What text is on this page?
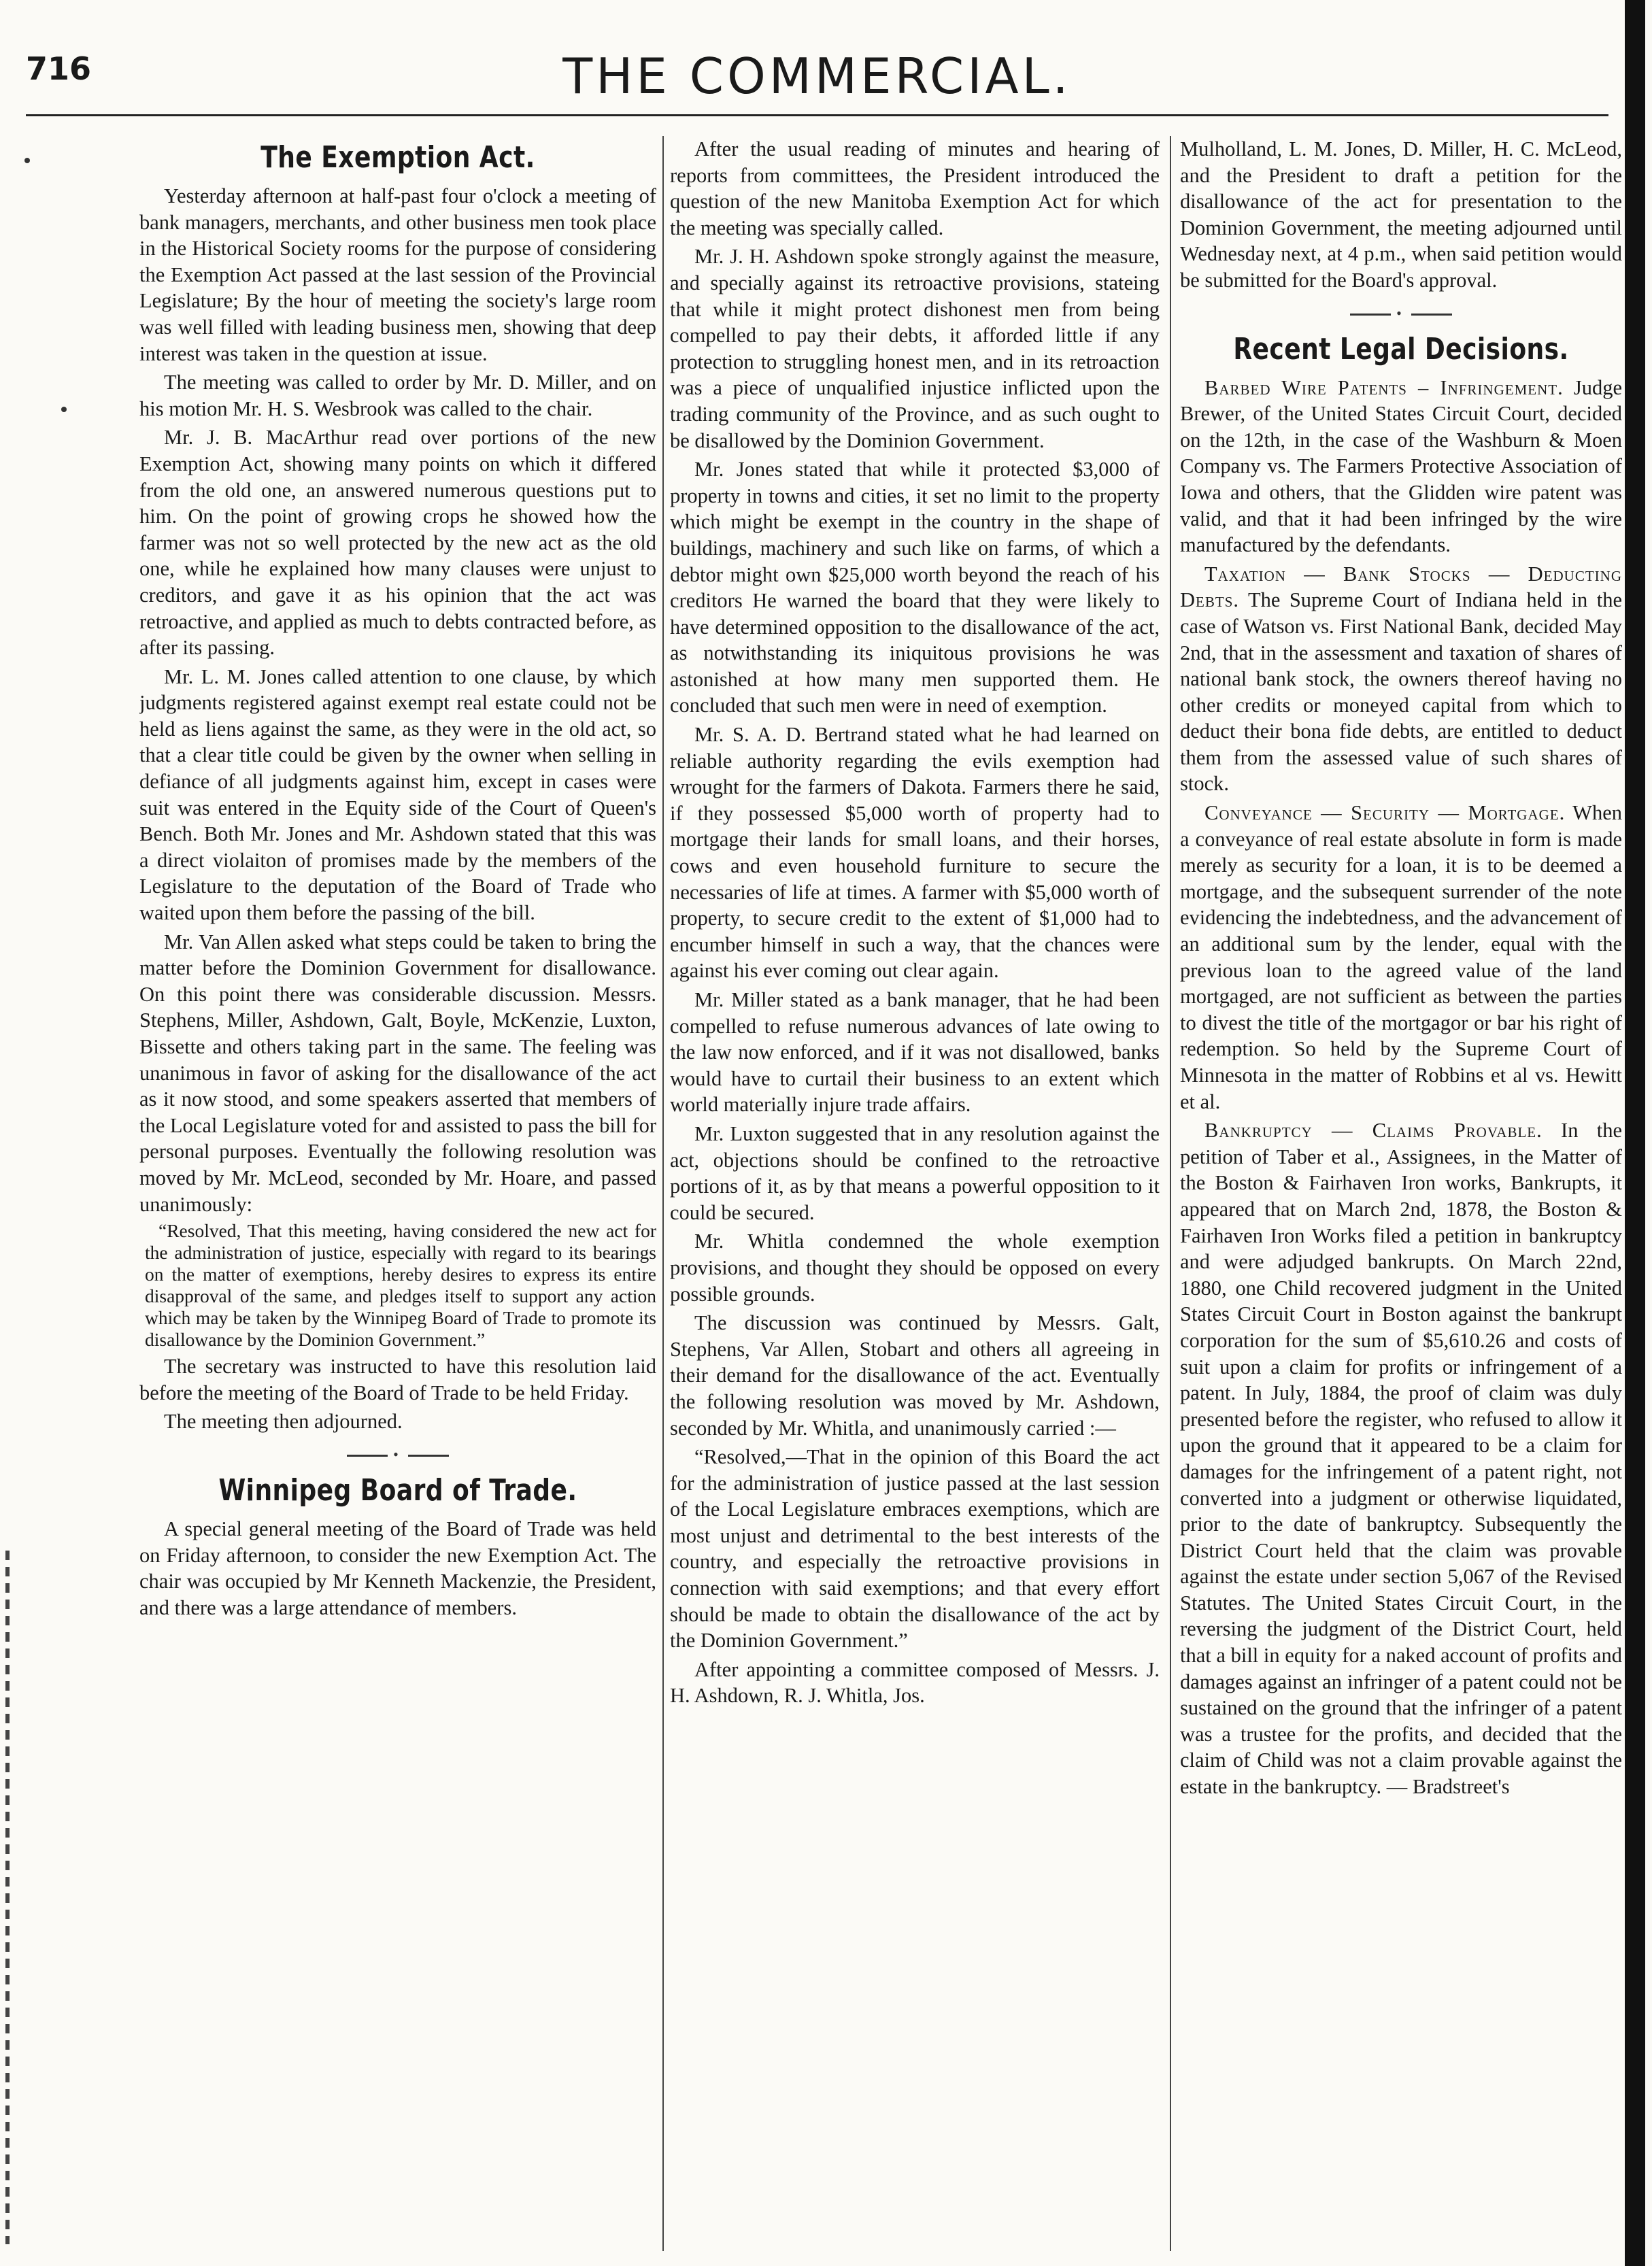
716	THE COMMERCIAL.
The Exemption Act.

Yesterday afternoon at half-past four o'clock a meeting of bank managers, merchants, and other business men took place in the Historical Society rooms for the purpose of considering the Exemption Act passed at the last session of the Provincial Legislature; By the hour of meeting the society's large room was well filled with leading business men, showing that deep interest was taken in the question at issue.

The meeting was called to order by Mr. D. Miller, and on his motion Mr. H. S. Wesbrook was called to the chair.

Mr. J. B. MacArthur read over portions of the new Exemption Act, showing many points on which it differed from the old one, an answered numerous questions put to him. On the point of growing crops he showed how the farmer was not so well protected by the new act as the old one, while he explained how many clauses were unjust to creditors, and gave it as his opinion that the act was retroactive, and applied as much to debts contracted before, as after its passing.

Mr. L. M. Jones called attention to one clause, by which judgments registered against exempt real estate could not be held as liens against the same, as they were in the old act, so that a clear title could be given by the owner when selling in defiance of all judgments against him, except in cases were suit was entered in the Equity side of the Court of Queen's Bench. Both Mr. Jones and Mr. Ashdown stated that this was a direct violaiton of promises made by the members of the Legislature to the deputation of the Board of Trade who waited upon them before the passing of the bill.

Mr. Van Allen asked what steps could be taken to bring the matter before the Dominion Government for disallowance. On this point there was considerable discussion. Messrs. Stephens, Miller, Ashdown, Galt, Boyle, McKenzie, Luxton, Bissette and others taking part in the same. The feeling was unanimous in favor of asking for the disallowance of the act as it now stood, and some speakers asserted that members of the Local Legislature voted for and assisted to pass the bill for personal purposes. Eventually the following resolution was moved by Mr. McLeod, seconded by Mr. Hoare, and passed unanimously:

“Resolved, That this meeting, having considered the new act for the administration of justice, especially with regard to its bearings on the matter of exemptions, hereby desires to express its entire disapproval of the same, and pledges itself to support any action which may be taken by the Winnipeg Board of Trade to promote its disallowance by the Dominion Government.”

The secretary was instructed to have this resolution laid before the meeting of the Board of Trade to be held Friday.

The meeting then adjourned.

•
Winnipeg Board of Trade.

A special general meeting of the Board of Trade was held on Friday afternoon, to consider the new Exemption Act. The chair was occupied by Mr Kenneth Mackenzie, the President, and there was a large attendance of members.

After the usual reading of minutes and hearing of reports from committees, the President introduced the question of the new Manitoba Exemption Act for which the meeting was specially called.

Mr. J. H. Ashdown spoke strongly against the measure, and specially against its retroactive provisions, stateing that while it might protect dishonest men from being compelled to pay their debts, it afforded little if any protection to struggling honest men, and in its retroaction was a piece of unqualified injustice inflicted upon the trading community of the Province, and as such ought to be disallowed by the Dominion Government.

Mr. Jones stated that while it protected $3,000 of property in towns and cities, it set no limit to the property which might be exempt in the country in the shape of buildings, machinery and such like on farms, of which a debtor might own $25,000 worth beyond the reach of his creditors He warned the board that they were likely to have determined opposition to the disallowance of the act, as notwithstanding its iniquitous provisions he was astonished at how many men supported them. He concluded that such men were in need of exemption.

Mr. S. A. D. Bertrand stated what he had learned on reliable authority regarding the evils exemption had wrought for the farmers of Dakota. Farmers there he said, if they possessed $5,000 worth of property had to mortgage their lands for small loans, and their horses, cows and even household furniture to secure the necessaries of life at times. A farmer with $5,000 worth of property, to secure credit to the extent of $1,000 had to encumber himself in such a way, that the chances were against his ever coming out clear again.

Mr. Miller stated as a bank manager, that he had been compelled to refuse numerous advances of late owing to the law now enforced, and if it was not disallowed, banks would have to curtail their business to an extent which world materially injure trade affairs.

Mr. Luxton suggested that in any resolution against the act, objections should be confined to the retroactive portions of it, as by that means a powerful opposition to it could be secured.

Mr. Whitla condemned the whole exemption provisions, and thought they should be opposed on every possible grounds.

The discussion was continued by Messrs. Galt, Stephens, Var Allen, Stobart and others all agreeing in their demand for the disallowance of the act. Eventually the following resolution was moved by Mr. Ashdown, seconded by Mr. Whitla, and unanimously carried :—

“Resolved,—That in the opinion of this Board the act for the administration of justice passed at the last session of the Local Legislature embraces exemptions, which are most unjust and detrimental to the best interests of the country, and especially the retroactive provisions in connection with said exemptions; and that every effort should be made to obtain the disallowance of the act by the Dominion Government.”

After appointing a committee composed of Messrs. J. H. Ashdown, R. J. Whitla, Jos.

Mulholland, L. M. Jones, D. Miller, H. C. McLeod, and the President to draft a petition for the disallowance of the act for presentation to the Dominion Government, the meeting adjourned until Wednesday next, at 4 p.m., when said petition would be submitted for the Board's approval.

•
Recent Legal Decisions.

Barbed Wire Patents – Infringement. Judge Brewer, of the United States Circuit Court, decided on the 12th, in the case of the Washburn & Moen Company vs. The Farmers Protective Association of Iowa and others, that the Glidden wire patent was valid, and that it had been infringed by the wire manufactured by the defendants.

Taxation — Bank Stocks — Deducting Debts. The Supreme Court of Indiana held in the case of Watson vs. First National Bank, decided May 2nd, that in the assessment and taxation of shares of national bank stock, the owners thereof having no other credits or moneyed capital from which to deduct their bona fide debts, are entitled to deduct them from the assessed value of such shares of stock.

Conveyance — Security — Mortgage. When a conveyance of real estate absolute in form is made merely as security for a loan, it is to be deemed a mortgage, and the subsequent surrender of the note evidencing the indebtedness, and the advancement of an additional sum by the lender, equal with the previous loan to the agreed value of the land mortgaged, are not sufficient as between the parties to divest the title of the mortgagor or bar his right of redemption. So held by the Supreme Court of Minnesota in the matter of Robbins et al vs. Hewitt et al.

Bankruptcy — Claims Provable. In the petition of Taber et al., Assignees, in the Matter of the Boston & Fairhaven Iron works, Bankrupts, it appeared that on March 2nd, 1878, the Boston & Fairhaven Iron Works filed a petition in bankruptcy and were adjudged bankrupts. On March 22nd, 1880, one Child recovered judgment in the United States Circuit Court in Boston against the bankrupt corporation for the sum of $5,610.26 and costs of suit upon a claim for profits or infringement of a patent. In July, 1884, the proof of claim was duly presented before the register, who refused to allow it upon the ground that it appeared to be a claim for damages for the infringement of a patent right, not converted into a judgment or otherwise liquidated, prior to the date of bankruptcy. Subsequently the District Court held that the claim was provable against the estate under section 5,067 of the Revised Statutes. The United States Circuit Court, in the reversing the judgment of the District Court, held that a bill in equity for a naked account of profits and damages against an infringer of a patent could not be sustained on the ground that the infringer of a patent was a trustee for the profits, and decided that the claim of Child was not a claim provable against the estate in the bankruptcy. — Bradstreet's
